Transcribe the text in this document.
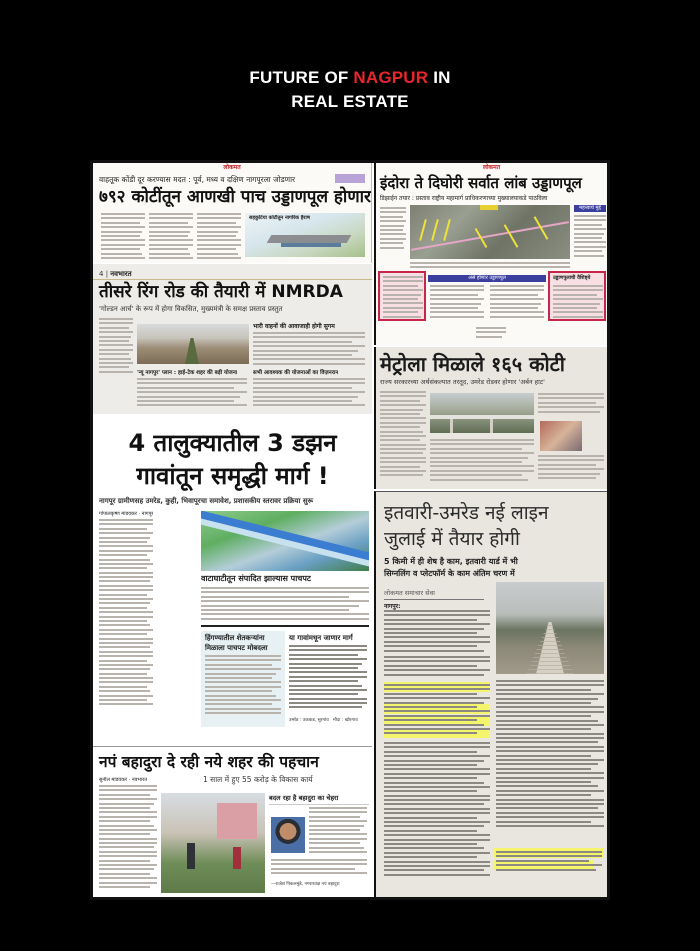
FUTURE OF NAGPUR IN
REAL ESTATE
लोकमत
वाहतूक कोंडी दूर करण्यास मदत : पूर्व, मध्य व दक्षिण नागपूरला जोडणार
७९२ कोटींतून आणखी पाच उड्डाणपूल होणार
सहकुटिया कोटीतून नागरिक हैराण
लोकमत
इंदोरा ते दिघोरी सर्वात लांब उड्डाणपूल
डिझाईन तयार : प्रस्ताव राष्ट्रीय महामार्ग प्राधिकरणाच्या मुख्यालयाकडे पाठविला
महत्त्वाचे मुद्दे
असे होणार उड्डाणपूल	उड्डाणपुलाची वैशिष्ट्ये
4 | नवभारत
तीसरे रिंग रोड की तैयारी में NMRDA
'गोल्डन आर्च' के रूप में होगा विकसित, मुख्यमंत्री के समक्ष प्रस्ताव प्रस्तुत
भारी वाहनों की आवाजाही होगी सुगम
'न्यू नागपुर' प्लान : हाई-टेक शहर की बड़ी योजना	सभी आवश्यक की योजनाओं का विज़नरान मेट्रोला मिळाले १६५ कोटी
राज्य सरकारच्या अर्थसंकल्पात तरतूद, उमरेड रोडवर होणार 'अर्बन हाट'
4 तालुक्यातील 3 डझन
गावांतून समृद्धी मार्ग !
नागपूर ग्रामीणसह उमरेड, कुही, भिवापूरचा समावेश, प्रशासकीय स्तरावर प्रक्रिया सुरू
गोपालकृष्ण मांडवकर · नागपूर
वाटाघाटीतून संपादित झाल्यास पाचपट
हिंगण्यातील शेतकऱ्यांना मिळाला पाचपट मोबदला
या गावांमधून जाणार मार्ग
उमरेड : उकवाड, सूरगांव मौदा : खोरगाव
इतवारी-उमरेड नई लाइन
जुलाई में तैयार होगी
5 किमी में ही शेष है काम, इतवारी यार्ड में भी
सिग्नलिंग व प्लेटफॉर्म के काम अंतिम चरण में
लोकमत समाचार सेवा
नागपुर:
नपं बहादुरा दे रही नये शहर की पहचान
1 साल में हुए 55 करोड़ के विकास कार्य
सुनील मांडवकर · नवभारत
बदल रहा है बहादुरा का चेहरा
—राजेश पिकलमुंडे, नगराध्यक्ष नपं बहादुरा
